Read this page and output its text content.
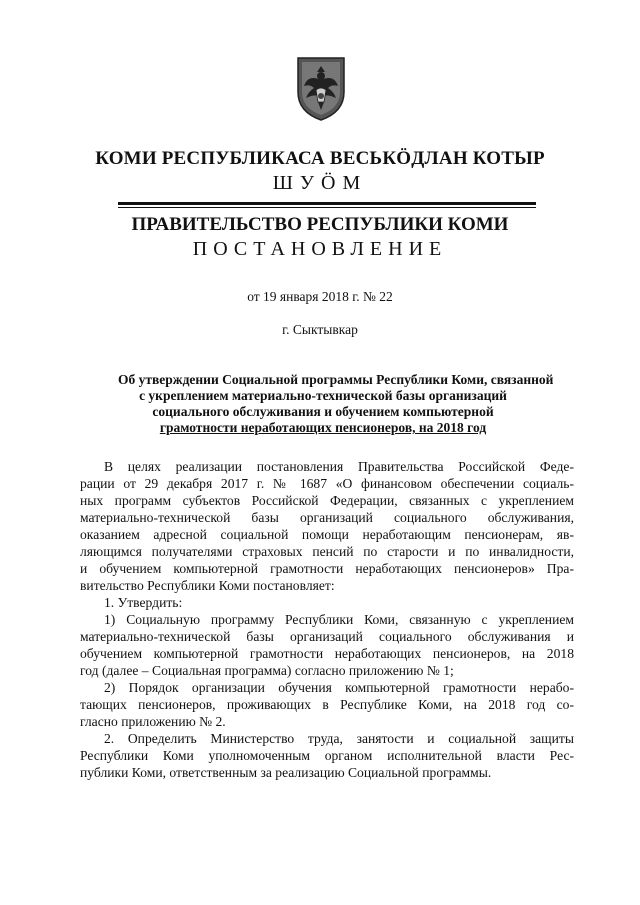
КОМИ РЕСПУБЛИКАСА ВЕСЬКÖДЛАН КОТЫР
ШУÖМ
ПРАВИТЕЛЬСТВО РЕСПУБЛИКИ КОМИ
ПОСТАНОВЛЕНИЕ
от 19 января 2018 г. № 22
г. Сыктывкар
Об утверждении Социальной программы Республики Коми, связанной
с укреплением материально-технической базы организаций
социального обслуживания и обучением компьютерной
грамотности неработающих пенсионеров, на 2018 год
В целях реализации постановления Правительства Российской Феде-
рации от 29 декабря 2017 г. № 1687 «О финансовом обеспечении социаль-
ных программ субъектов Российской Федерации, связанных с укреплением
материально-технической базы организаций социального обслуживания,
оказанием адресной социальной помощи неработающим пенсионерам, яв-
ляющимся получателями страховых пенсий по старости и по инвалидности,
и обучением компьютерной грамотности неработающих пенсионеров» Пра-
вительство Республики Коми постановляет:
1. Утвердить:
1) Социальную программу Республики Коми, связанную с укреплением
материально-технической базы организаций социального обслуживания и
обучением компьютерной грамотности неработающих пенсионеров, на 2018
год (далее – Социальная программа) согласно приложению № 1;
2) Порядок организации обучения компьютерной грамотности нерабо-
тающих пенсионеров, проживающих в Республике Коми, на 2018 год со-
гласно приложению № 2.
2. Определить Министерство труда, занятости и социальной защиты
Республики Коми уполномоченным органом исполнительной власти Рес-
публики Коми, ответственным за реализацию Социальной программы.
